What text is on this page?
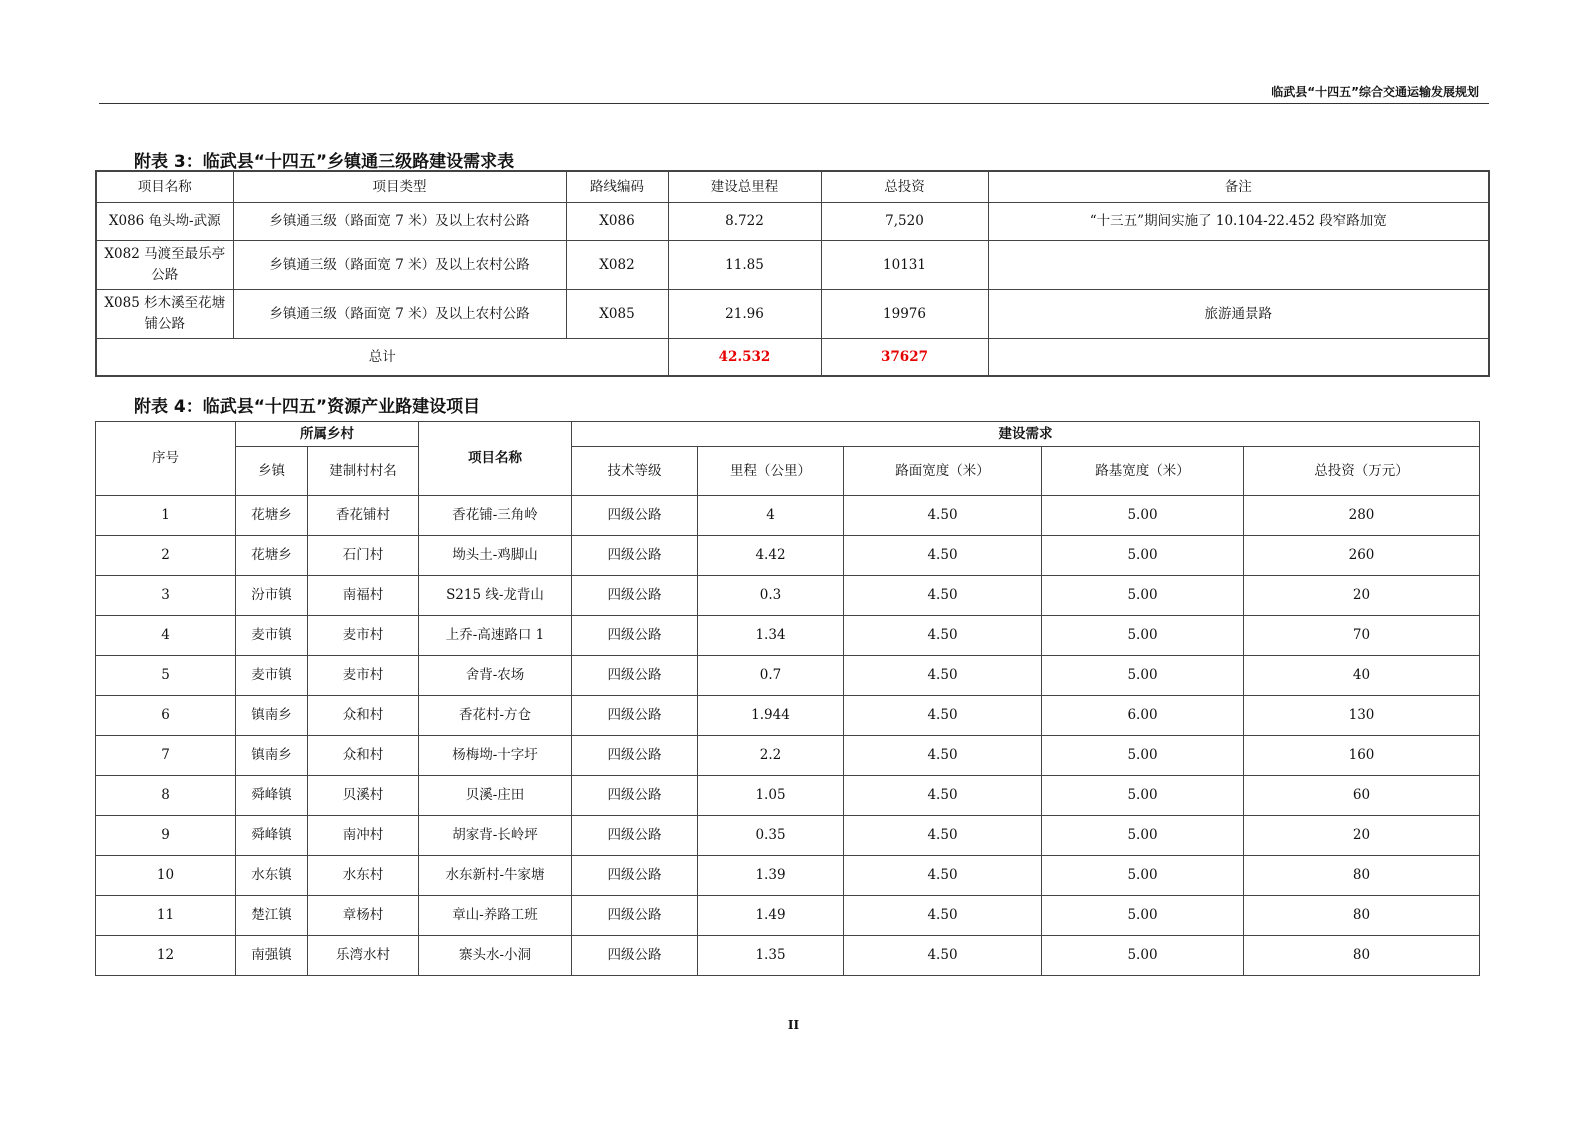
临武县“十四五”综合交通运输发展规划
附表 3：临武县“十四五”乡镇通三级路建设需求表
项目名称	项目类型	路线编码	建设总里程	总投资	备注
X086 龟头坳-武源	乡镇通三级（路面宽 7 米）及以上农村公路	X086	8.722	7,520	“十三五”期间实施了 10.104-22.452 段窄路加宽
X082 马渡至最乐亭公路	乡镇通三级（路面宽 7 米）及以上农村公路	X082	11.85	10131	
X085 杉木溪至花塘铺公路	乡镇通三级（路面宽 7 米）及以上农村公路	X085	21.96	19976	旅游通景路
总计			42.532	37627	
附表 4：临武县“十四五”资源产业路建设项目
序号	所属乡村		项目名称	建设需求				
	乡镇	建制村村名		技术等级	里程（公里）	路面宽度（米）	路基宽度（米）	总投资（万元）
1	花塘乡	香花铺村	香花铺-三角岭	四级公路	4	4.50	5.00	280
2	花塘乡	石门村	坳头土-鸡脚山	四级公路	4.42	4.50	5.00	260
3	汾市镇	南福村	S215 线-龙背山	四级公路	0.3	4.50	5.00	20
4	麦市镇	麦市村	上乔-高速路口 1	四级公路	1.34	4.50	5.00	70
5	麦市镇	麦市村	舍背-农场	四级公路	0.7	4.50	5.00	40
6	镇南乡	众和村	香花村-方仓	四级公路	1.944	4.50	6.00	130
7	镇南乡	众和村	杨梅坳-十字圩	四级公路	2.2	4.50	5.00	160
8	舜峰镇	贝溪村	贝溪-庄田	四级公路	1.05	4.50	5.00	60
9	舜峰镇	南冲村	胡家背-长岭坪	四级公路	0.35	4.50	5.00	20
10	水东镇	水东村	水东新村-牛家塘	四级公路	1.39	4.50	5.00	80
11	楚江镇	章杨村	章山-养路工班	四级公路	1.49	4.50	5.00	80
12	南强镇	乐湾水村	寨头水-小洞	四级公路	1.35	4.50	5.00	80
II
